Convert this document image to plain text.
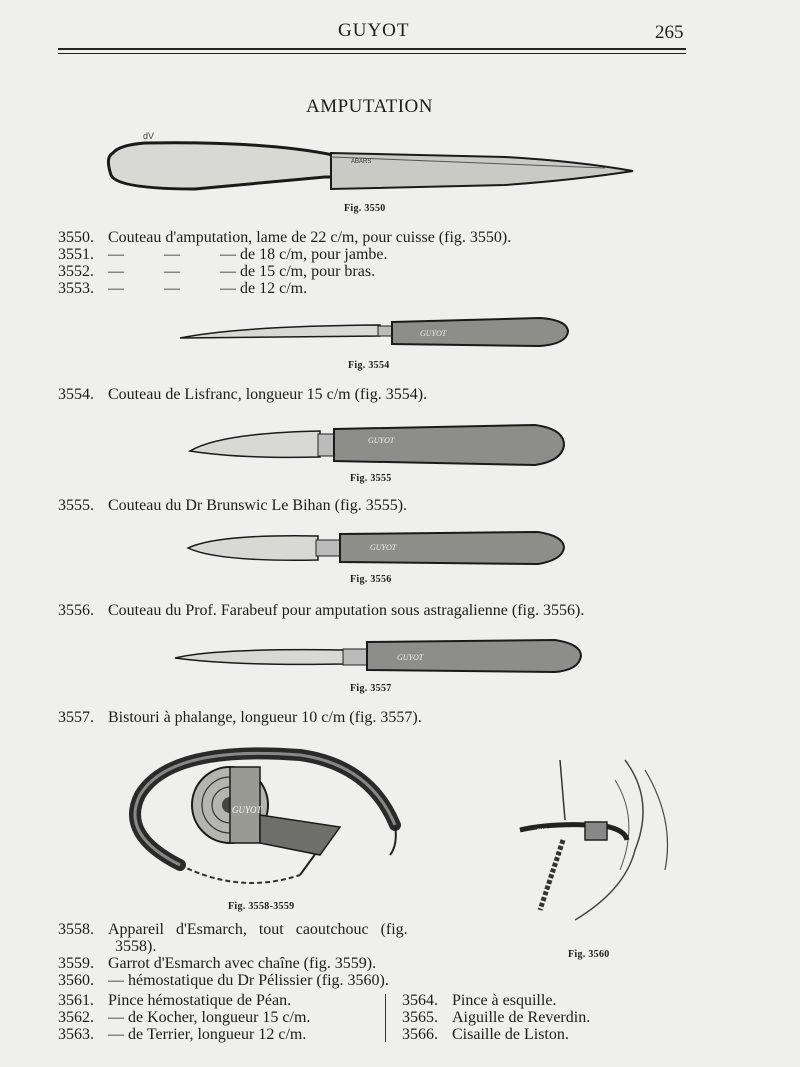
GUYOT	265
AMPUTATION
ABARS
dV
Fig. 3550
3550. Couteau d'amputation, lame de 22 c/m, pour cuisse (fig. 3550).
3551. —          —          — de 18 c/m, pour jambe.
3552. —          —          — de 15 c/m, pour bras.
3553. —          —          — de 12 c/m.
GUYOT
Fig. 3554
3554. Couteau de Lisfranc, longueur 15 c/m (fig. 3554).
GUYOT
Fig. 3555
3555. Couteau du Dr Brunswic Le Bihan (fig. 3555).
GUYOT
Fig. 3556
3556. Couteau du Prof. Farabeuf pour amputation sous astragalienne (fig. 3556).
GUYOT
Fig. 3557
3557. Bistouri à phalange, longueur 10 c/m (fig. 3557).
GUYOT
Fig. 3558-3559
GUYOT
Fig. 3560
3558. Appareil d'Esmarch, tout caoutchouc (fig.
3558).
3559. Garrot d'Esmarch avec chaîne (fig. 3559).
3560. — hémostatique du Dr Pélissier (fig. 3560).
3561. Pince hémostatique de Péan.
3562. — de Kocher, longueur 15 c/m.
3563. — de Terrier, longueur 12 c/m.
3564. Pince à esquille.
3565. Aiguille de Reverdin.
3566. Cisaille de Liston.
